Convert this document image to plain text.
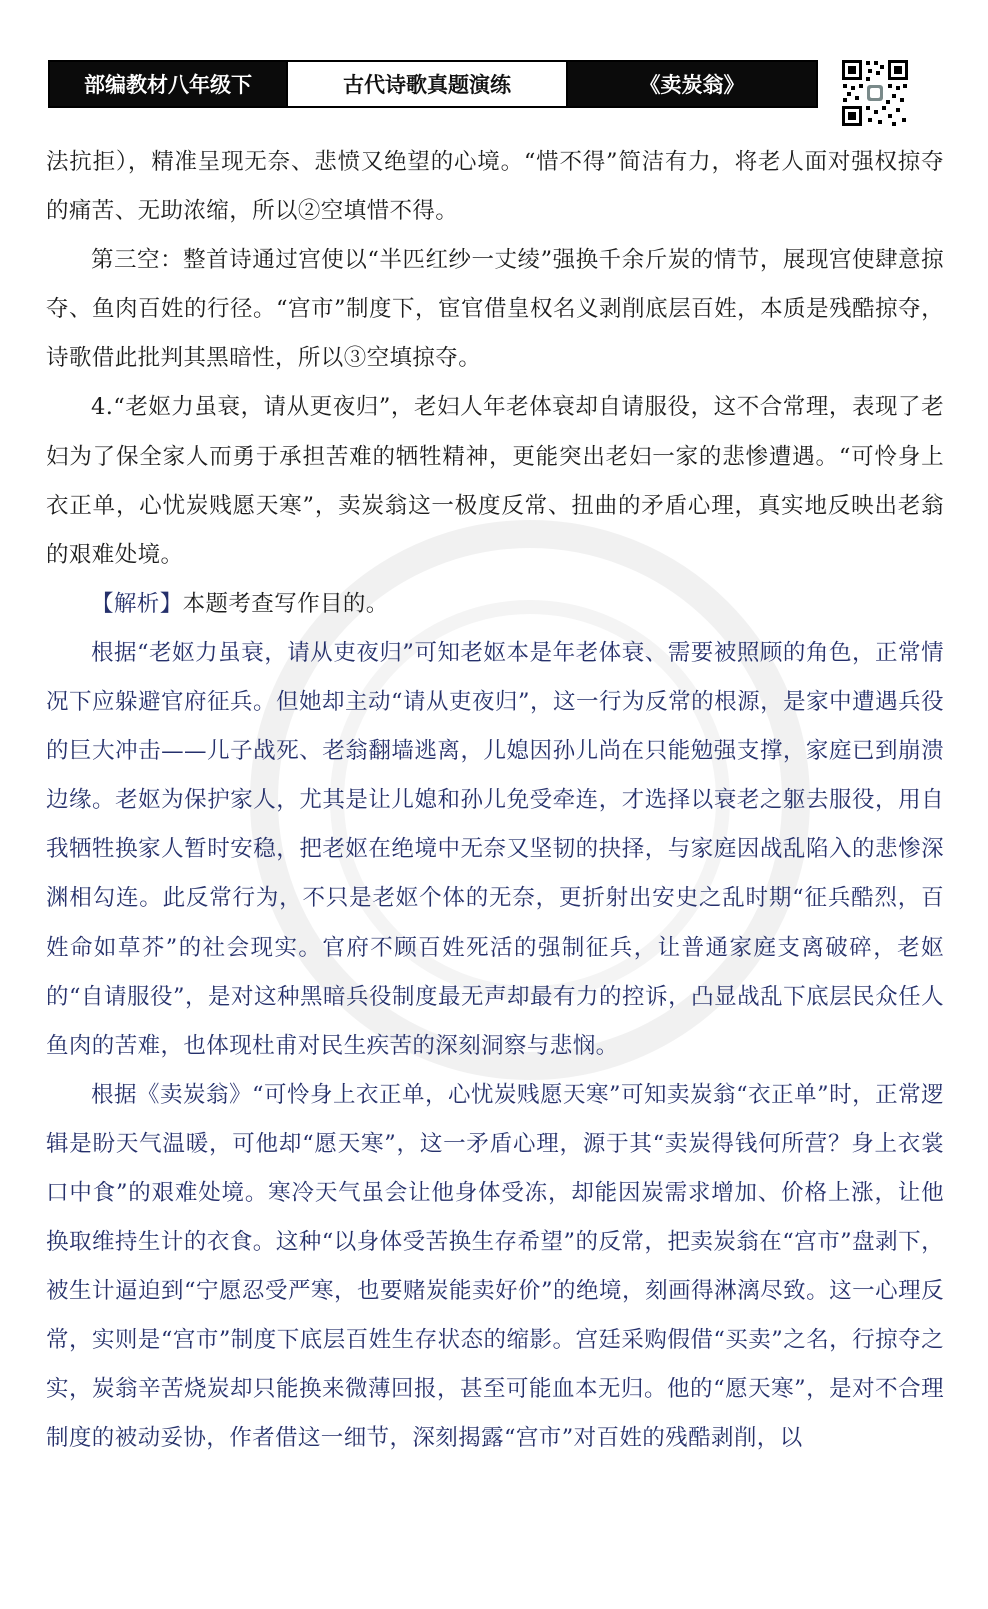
部编教材八年级下	古代诗歌真题演练	《卖炭翁》

法抗拒），精准呈现无奈、悲愤又绝望的心境。“惜不得”简洁有力，将老人面对强权掠夺的痛苦、无助浓缩，所以②空填惜不得。

第三空：整首诗通过宫使以“半匹红纱一丈绫”强换千余斤炭的情节，展现宫使肆意掠夺、鱼肉百姓的行径。“宫市”制度下，宦官借皇权名义剥削底层百姓，本质是残酷掠夺，诗歌借此批判其黑暗性，所以③空填掠夺。

4.“老妪力虽衰，请从更夜归”，老妇人年老体衰却自请服役，这不合常理，表现了老妇为了保全家人而勇于承担苦难的牺牲精神，更能突出老妇一家的悲惨遭遇。“可怜身上衣正单，心忧炭贱愿天寒”，卖炭翁这一极度反常、扭曲的矛盾心理，真实地反映出老翁的艰难处境。

【解析】本题考查写作目的。

根据“老妪力虽衰，请从吏夜归”可知老妪本是年老体衰、需要被照顾的角色，正常情况下应躲避官府征兵。但她却主动“请从吏夜归”，这一行为反常的根源，是家中遭遇兵役的巨大冲击——儿子战死、老翁翻墙逃离，儿媳因孙儿尚在只能勉强支撑，家庭已到崩溃边缘。老妪为保护家人，尤其是让儿媳和孙儿免受牵连，才选择以衰老之躯去服役，用自我牺牲换家人暂时安稳，把老妪在绝境中无奈又坚韧的抉择，与家庭因战乱陷入的悲惨深渊相勾连。此反常行为，不只是老妪个体的无奈，更折射出安史之乱时期“征兵酷烈，百姓命如草芥”的社会现实。官府不顾百姓死活的强制征兵，让普通家庭支离破碎，老妪的“自请服役”，是对这种黑暗兵役制度最无声却最有力的控诉，凸显战乱下底层民众任人鱼肉的苦难，也体现杜甫对民生疾苦的深刻洞察与悲悯。

根据《卖炭翁》“可怜身上衣正单，心忧炭贱愿天寒”可知卖炭翁“衣正单”时，正常逻辑是盼天气温暖，可他却“愿天寒”，这一矛盾心理，源于其“卖炭得钱何所营？身上衣裳口中食”的艰难处境。寒冷天气虽会让他身体受冻，却能因炭需求增加、价格上涨，让他换取维持生计的衣食。这种“以身体受苦换生存希望”的反常，把卖炭翁在“宫市”盘剥下，被生计逼迫到“宁愿忍受严寒，也要赌炭能卖好价”的绝境，刻画得淋漓尽致。这一心理反常，实则是“宫市”制度下底层百姓生存状态的缩影。宫廷采购假借“买卖”之名，行掠夺之实，炭翁辛苦烧炭却只能换来微薄回报，甚至可能血本无归。他的“愿天寒”，是对不合理制度的被动妥协，作者借这一细节，深刻揭露“宫市”对百姓的残酷剥削，以
